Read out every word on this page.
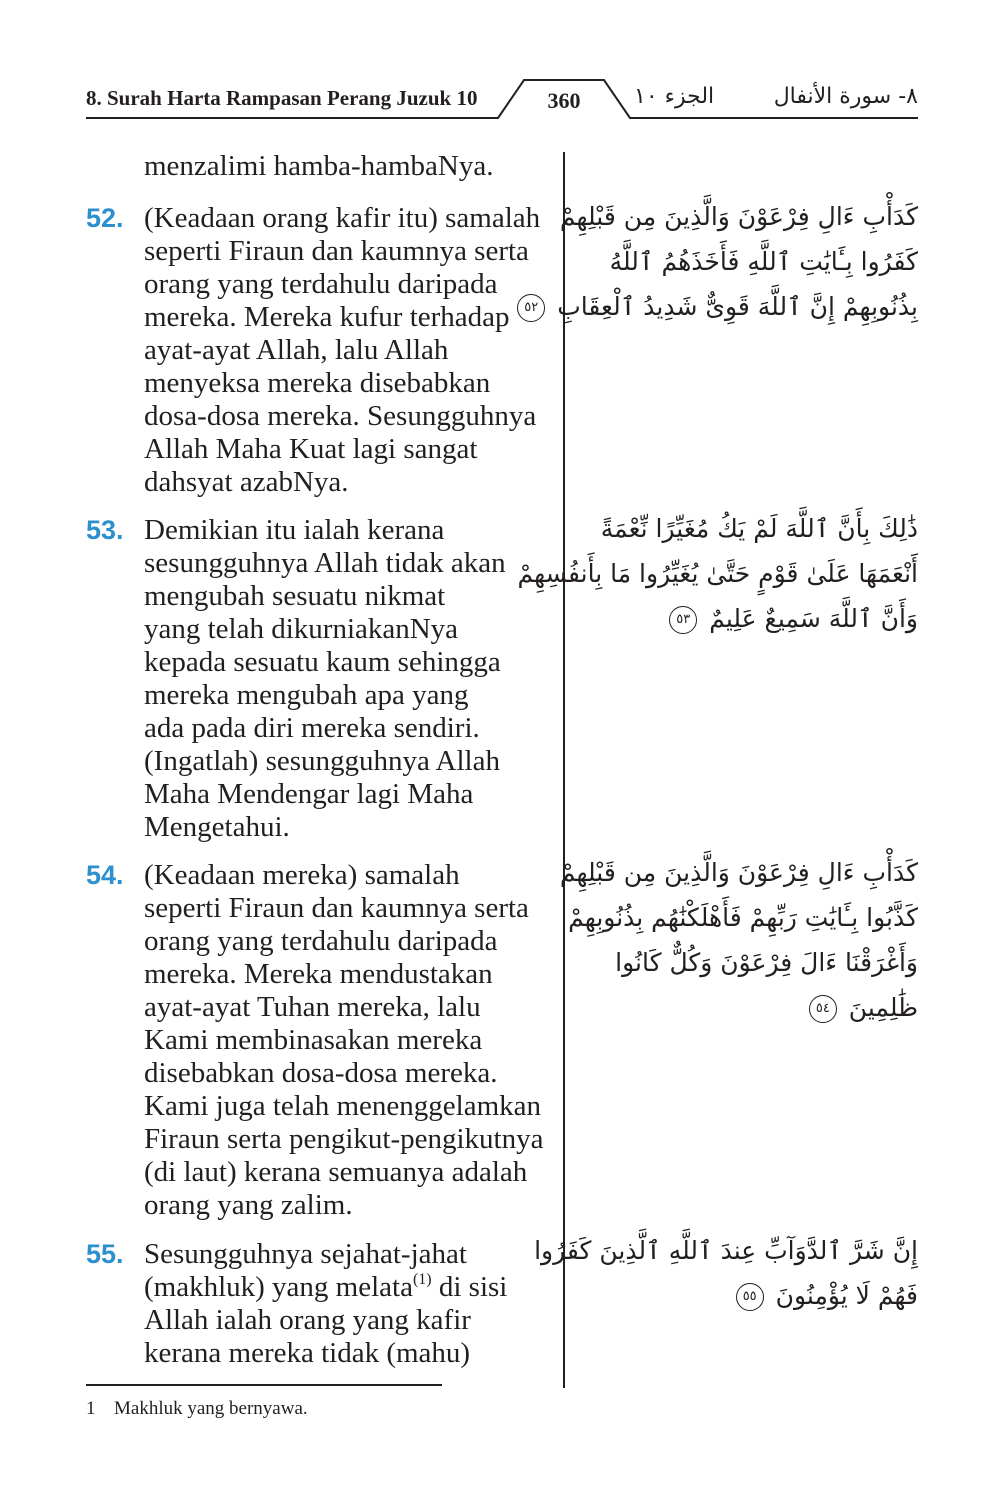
8. Surah Harta Rampasan Perang Juzuk 10	360	الجزء ١٠	٨- سورة الأنفال
menzalimi hamba-hambaNya.
52. (Keadaan orang kafir itu) samalah
seperti Firaun dan kaumnya serta
orang yang terdahulu daripada
mereka. Mereka kufur terhadap
ayat-ayat Allah, lalu Allah
menyeksa mereka disebabkan
dosa-dosa mereka. Sesungguhnya
Allah Maha Kuat lagi sangat
dahsyat azabNya.
53. Demikian itu ialah kerana
sesungguhnya Allah tidak akan
mengubah sesuatu nikmat
yang telah dikurniakanNya
kepada sesuatu kaum sehingga
mereka mengubah apa yang
ada pada diri mereka sendiri.
(Ingatlah) sesungguhnya Allah
Maha Mendengar lagi Maha
Mengetahui.
54. (Keadaan mereka) samalah
seperti Firaun dan kaumnya serta
orang yang terdahulu daripada
mereka. Mereka mendustakan
ayat-ayat Tuhan mereka, lalu
Kami membinasakan mereka
disebabkan dosa-dosa mereka.
Kami juga telah menenggelamkan
Firaun serta pengikut-pengikutnya
(di laut) kerana semuanya adalah
orang yang zalim.
55. Sesungguhnya sejahat-jahat
(makhluk) yang melata$^{(1)}$ di sisi
Allah ialah orang yang kafir
kerana mereka tidak (mahu)
كَدَأْبِ ءَالِ فِرْعَوْنَ وَالَّذِينَ مِن قَبْلِهِمْ
كَفَرُوا بِـَٔايَٰتِ ٱللَّهِ فَأَخَذَهُمُ ٱللَّهُ
بِذُنُوبِهِمْ إِنَّ ٱللَّهَ قَوِىٌّ شَدِيدُ ٱلْعِقَابِ ٥٢
ذَٰلِكَ بِأَنَّ ٱللَّهَ لَمْ يَكُ مُغَيِّرًا نِّعْمَةً
أَنْعَمَهَا عَلَىٰ قَوْمٍ حَتَّىٰ يُغَيِّرُوا مَا بِأَنفُسِهِمْ
وَأَنَّ ٱللَّهَ سَمِيعٌ عَلِيمٌ ٥٣
كَدَأْبِ ءَالِ فِرْعَوْنَ وَالَّذِينَ مِن قَبْلِهِمْ
كَذَّبُوا بِـَٔايَٰتِ رَبِّهِمْ فَأَهْلَكْنَٰهُم بِذُنُوبِهِمْ
وَأَغْرَقْنَا ءَالَ فِرْعَوْنَ وَكُلٌّ كَانُوا
ظَٰلِمِينَ ٥٤
إِنَّ شَرَّ ٱلدَّوَآبِّ عِندَ ٱللَّهِ ٱلَّذِينَ كَفَرُوا
فَهُمْ لَا يُؤْمِنُونَ ٥٥
1 Makhluk yang bernyawa.
